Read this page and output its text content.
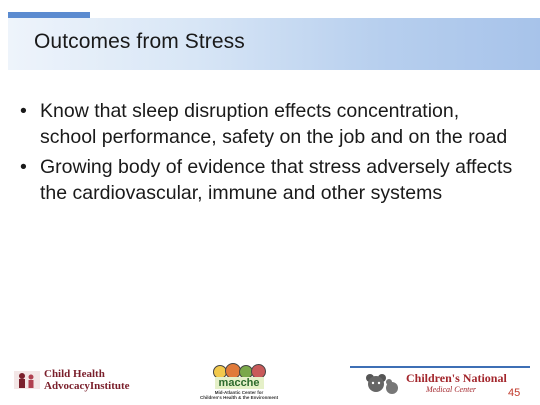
Outcomes from Stress
• Know that sleep disruption effects concentration, school performance, safety on the job and on the road
• Growing body of evidence that stress adversely affects the cardiovascular, immune and other systems
Child Health
AdvocacyInstitute	macche
Mid-Atlantic Center for
Children's Health & the Environment
Children's National
Medical Center	45
